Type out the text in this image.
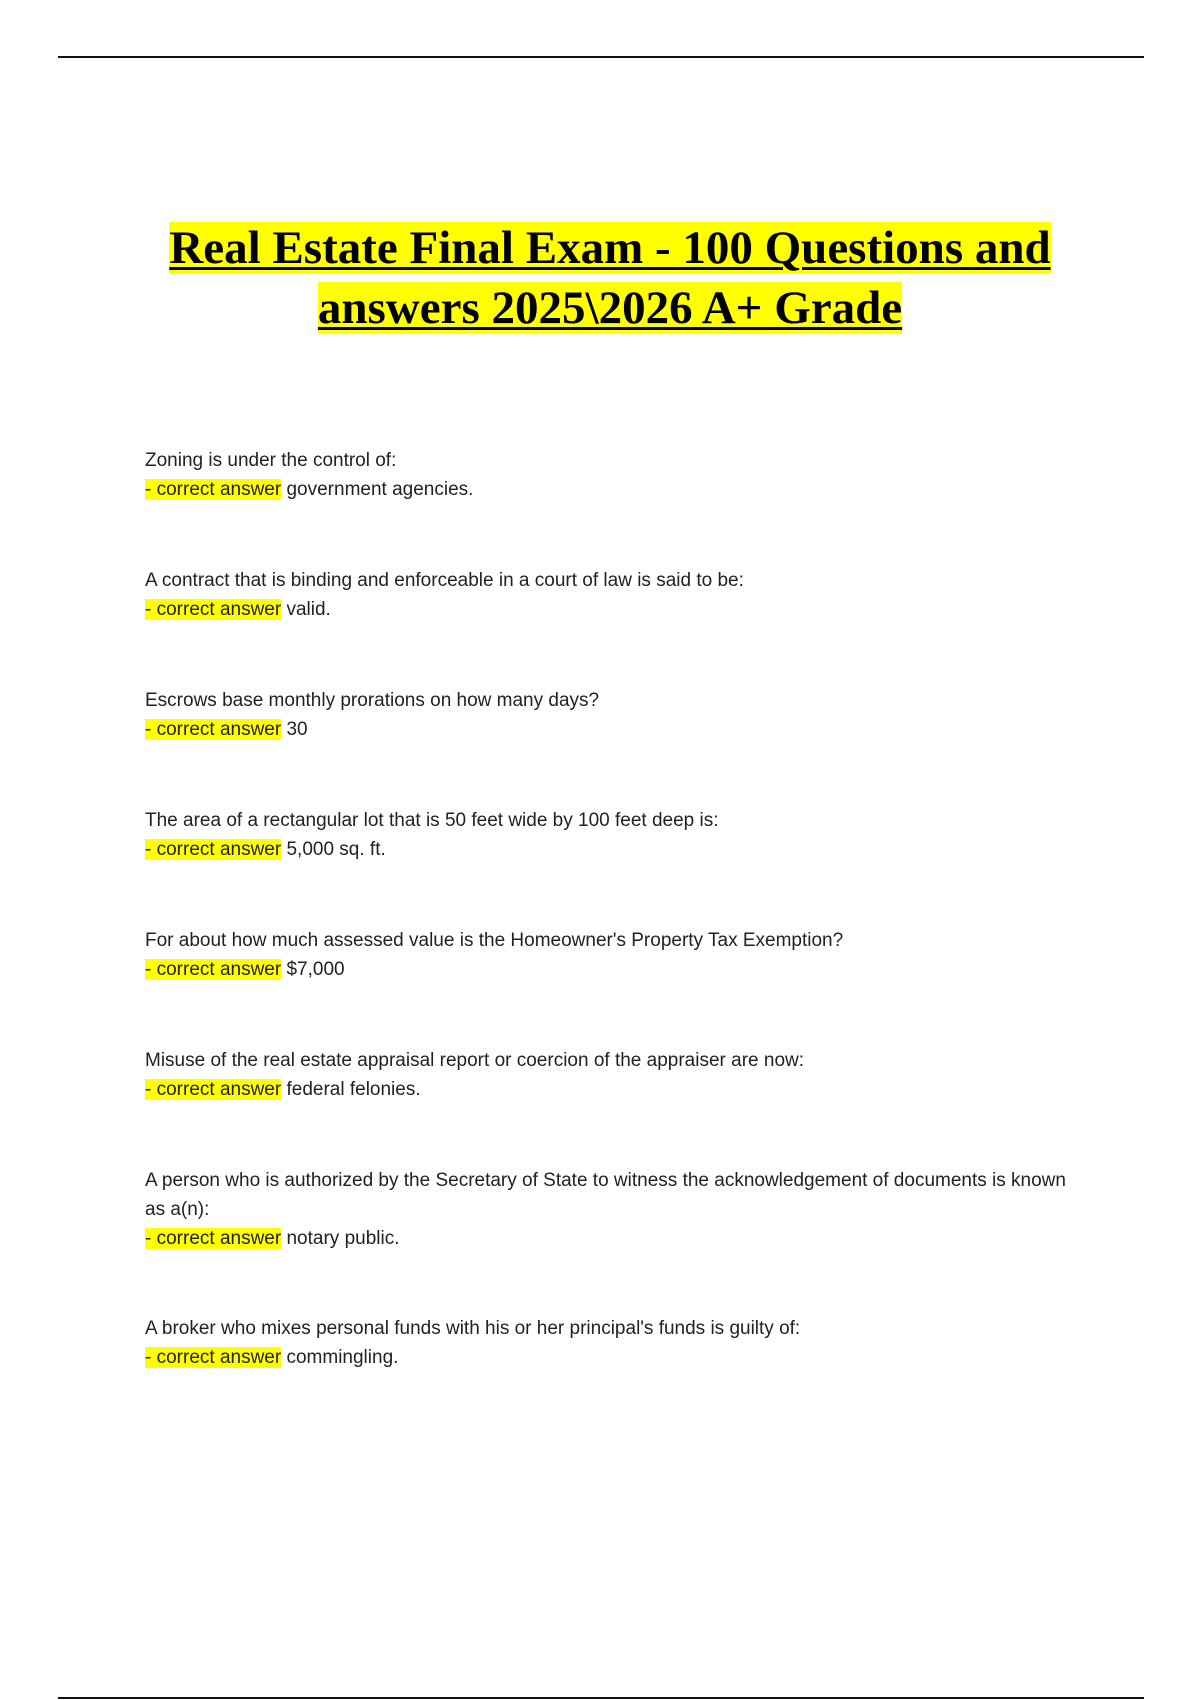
Real Estate Final Exam - 100 Questions and
answers 2025\2026 A+ Grade
Zoning is under the control of:
- correct answer government agencies.
A contract that is binding and enforceable in a court of law is said to be:
- correct answer valid.
Escrows base monthly prorations on how many days?
- correct answer 30
The area of a rectangular lot that is 50 feet wide by 100 feet deep is:
- correct answer 5,000 sq. ft.
For about how much assessed value is the Homeowner's Property Tax Exemption?
- correct answer $7,000
Misuse of the real estate appraisal report or coercion of the appraiser are now:
- correct answer federal felonies.
A person who is authorized by the Secretary of State to witness the acknowledgement of documents is known as a(n):
- correct answer notary public.
A broker who mixes personal funds with his or her principal's funds is guilty of:
- correct answer commingling.
